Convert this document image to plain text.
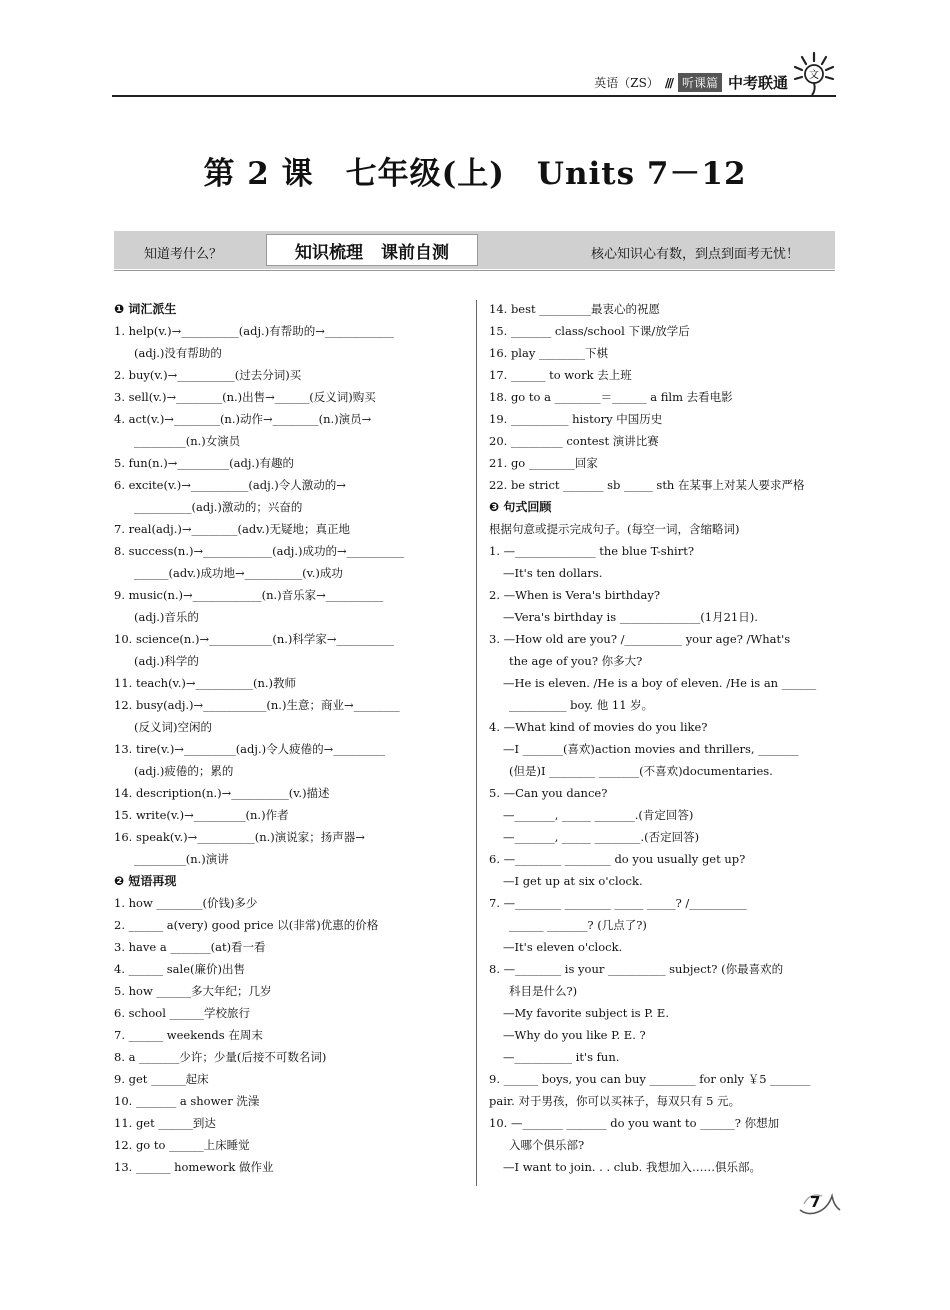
英语（ZS） /// 听课篇 中考联通 文
第 2 课　七年级(上)　Units 7－12
知道考什么？	知识梳理 课前自测	核心知识心有数，到点到面考无忧！
❶ 词汇派生
1. help(v.)→__________(adj.)有帮助的→____________
(adj.)没有帮助的
2. buy(v.)→__________(过去分词)买
3. sell(v.)→________(n.)出售→______(反义词)购买
4. act(v.)→________(n.)动作→________(n.)演员→
_________(n.)女演员
5. fun(n.)→_________(adj.)有趣的
6. excite(v.)→__________(adj.)令人激动的→
__________(adj.)激动的；兴奋的
7. real(adj.)→________(adv.)无疑地；真正地
8. success(n.)→____________(adj.)成功的→__________
______(adv.)成功地→__________(v.)成功
9. music(n.)→____________(n.)音乐家→__________
(adj.)音乐的
10. science(n.)→___________(n.)科学家→__________
(adj.)科学的
11. teach(v.)→__________(n.)教师
12. busy(adj.)→___________(n.)生意；商业→________
(反义词)空闲的
13. tire(v.)→_________(adj.)令人疲倦的→_________
(adj.)疲倦的；累的
14. description(n.)→__________(v.)描述
15. write(v.)→_________(n.)作者
16. speak(v.)→__________(n.)演说家；扬声器→
_________(n.)演讲
❷ 短语再现
1. how ________(价钱)多少
2. ______ a(very) good price 以(非常)优惠的价格
3. have a _______(at)看一看
4. ______ sale(廉价)出售
5. how ______多大年纪；几岁
6. school ______学校旅行
7. ______ weekends 在周末
8. a _______少许；少量(后接不可数名词)
9. get ______起床
10. _______ a shower 洗澡
11. get ______到达
12. go to ______上床睡觉
13. ______ homework 做作业
14. best _________最衷心的祝愿
15. _______ class/school 下课/放学后
16. play ________下棋
17. ______ to work 去上班
18. go to a ________＝______ a film 去看电影
19. __________ history 中国历史
20. _________ contest 演讲比赛
21. go ________回家
22. be strict _______ sb _____ sth 在某事上对某人要求严格
❸ 句式回顾
根据句意或提示完成句子。(每空一词，含缩略词)
1. —______________ the blue T-shirt?
—It's ten dollars.
2. —When is Vera's birthday?
—Vera's birthday is ______________(1月21日).
3. —How old are you? /__________ your age? /What's
the age of you? 你多大?
—He is eleven. /He is a boy of eleven. /He is an ______
__________ boy. 他 11 岁。
4. —What kind of movies do you like?
—I _______(喜欢)action movies and thrillers, _______
(但是)I ________ _______(不喜欢)documentaries.
5. —Can you dance?
—_______, _____ _______.(肯定回答)
—_______, _____ ________.(否定回答)
6. —________ ________ do you usually get up?
—I get up at six o'clock.
7. —________ ________ _____ _____? /__________
______ _______? (几点了?)
—It's eleven o'clock.
8. —________ is your __________ subject? (你最喜欢的
科目是什么?)
—My favorite subject is P. E.
—Why do you like P. E. ?
—__________ it's fun.
9. ______ boys, you can buy ________ for only ￥5 _______
pair. 对于男孩，你可以买袜子，每双只有 5 元。
10. —_______ _______ do you want to ______? 你想加
入哪个俱乐部?
—I want to join. . . club. 我想加入……俱乐部。
7
